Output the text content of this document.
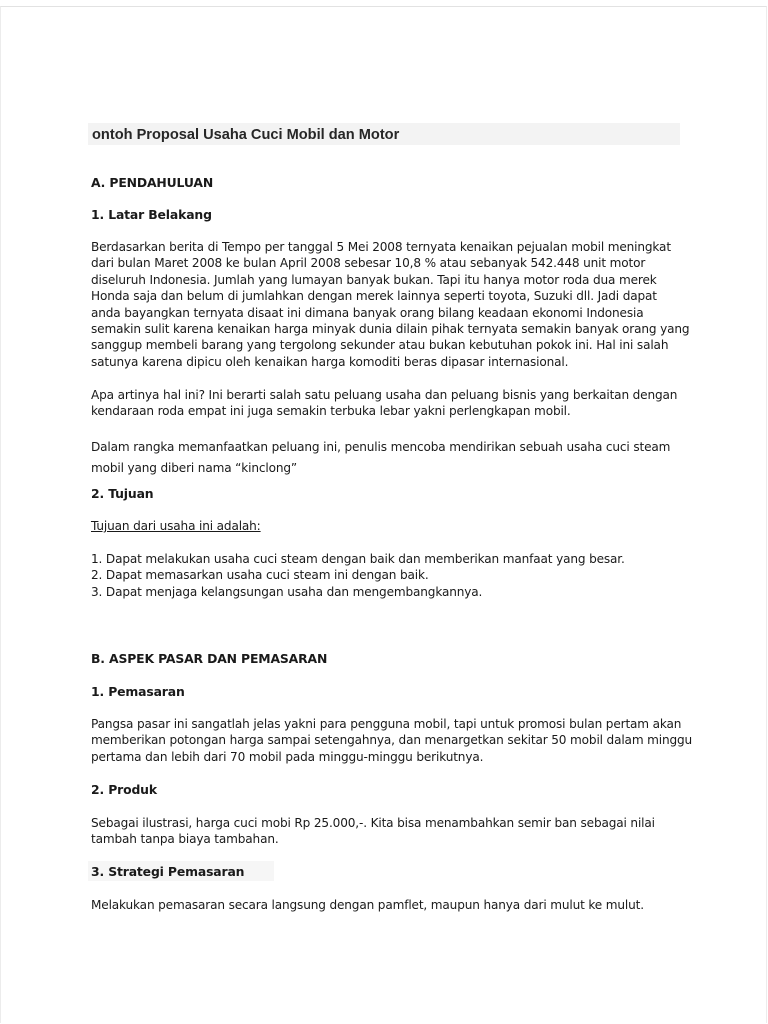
ontoh Proposal Usaha Cuci Mobil dan Motor
A. PENDAHULUAN
1. Latar Belakang
Berdasarkan berita di Tempo per tanggal 5 Mei 2008 ternyata kenaikan pejualan mobil meningkat
dari bulan Maret 2008 ke bulan April 2008 sebesar 10,8 % atau sebanyak 542.448 unit motor
diseluruh Indonesia. Jumlah yang lumayan banyak bukan. Tapi itu hanya motor roda dua merek
Honda saja dan belum di jumlahkan dengan merek lainnya seperti toyota, Suzuki dll. Jadi dapat
anda bayangkan ternyata disaat ini dimana banyak orang bilang keadaan ekonomi Indonesia
semakin sulit karena kenaikan harga minyak dunia dilain pihak ternyata semakin banyak orang yang
sanggup membeli barang yang tergolong sekunder atau bukan kebutuhan pokok ini. Hal ini salah
satunya karena dipicu oleh kenaikan harga komoditi beras dipasar internasional.
Apa artinya hal ini? Ini berarti salah satu peluang usaha dan peluang bisnis yang berkaitan dengan
kendaraan roda empat ini juga semakin terbuka lebar yakni perlengkapan mobil.
Dalam rangka memanfaatkan peluang ini, penulis mencoba mendirikan sebuah usaha cuci steam
mobil yang diberi nama “kinclong”
2. Tujuan
Tujuan dari usaha ini adalah:
1. Dapat melakukan usaha cuci steam dengan baik dan memberikan manfaat yang besar.
2. Dapat memasarkan usaha cuci steam ini dengan baik.
3. Dapat menjaga kelangsungan usaha dan mengembangkannya.
B. ASPEK PASAR DAN PEMASARAN
1. Pemasaran
Pangsa pasar ini sangatlah jelas yakni para pengguna mobil, tapi untuk promosi bulan pertam akan
memberikan potongan harga sampai setengahnya, dan menargetkan sekitar 50 mobil dalam minggu
pertama dan lebih dari 70 mobil pada minggu-minggu berikutnya.
2. Produk
Sebagai ilustrasi, harga cuci mobi Rp 25.000,-. Kita bisa menambahkan semir ban sebagai nilai
tambah tanpa biaya tambahan.
3. Strategi Pemasaran
Melakukan pemasaran secara langsung dengan pamflet, maupun hanya dari mulut ke mulut.
